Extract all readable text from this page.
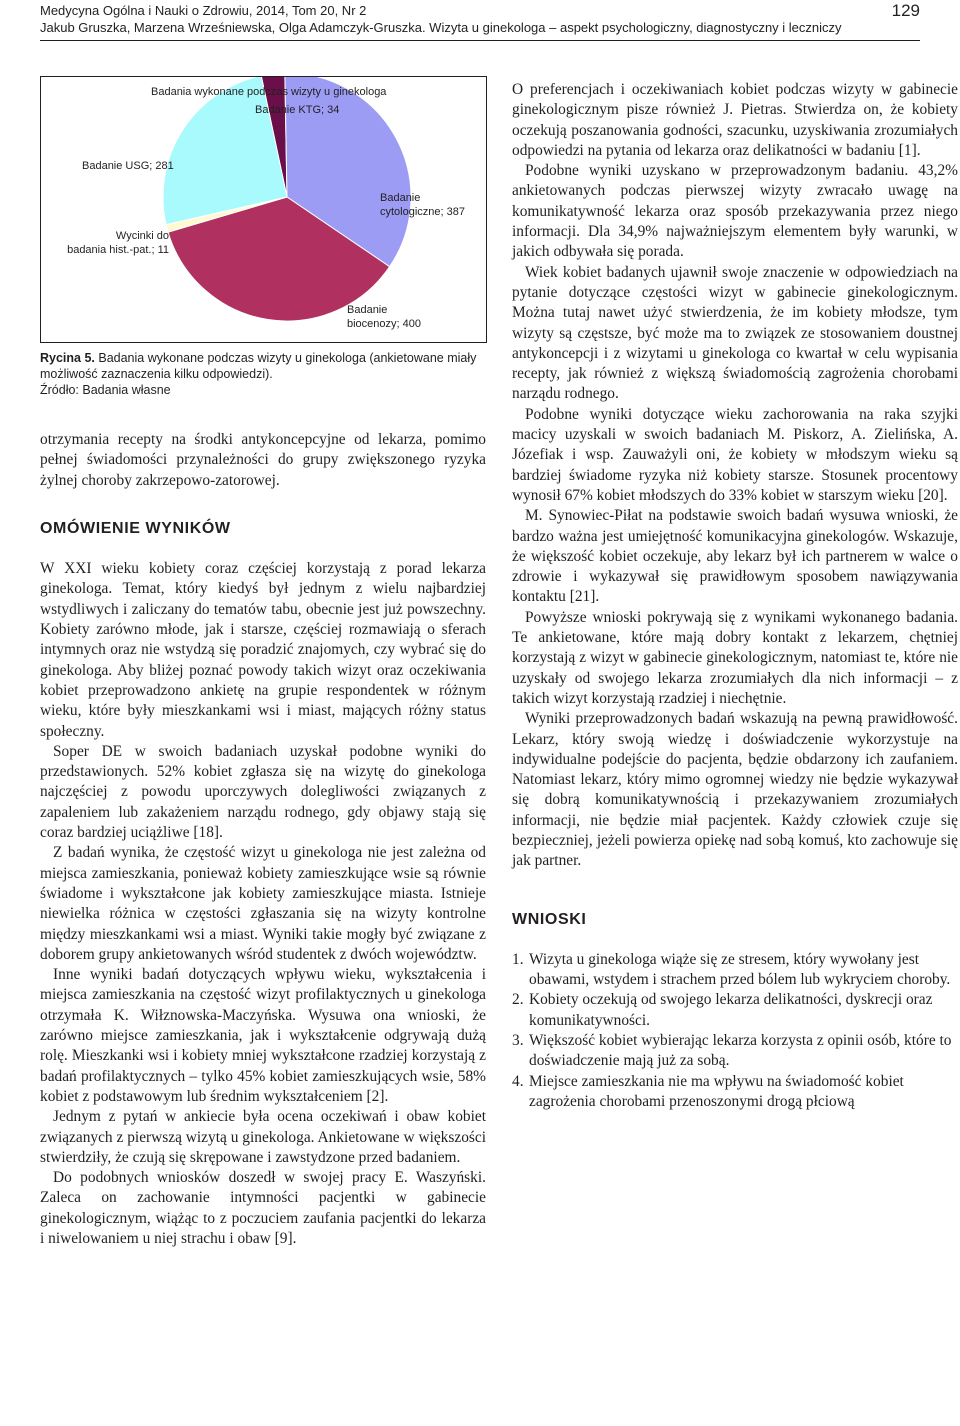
Medycyna Ogólna i Nauki o Zdrowiu, 2014, Tom 20, Nr 2
Jakub Gruszka, Marzena Wrześniewska, Olga Adamczyk-Gruszka. Wizyta u ginekologa – aspekt psychologiczny, diagnostyczny i leczniczy
129
Badania wykonane podczas wizyty u ginekologa
Badanie KTG; 34
Badanie
cytologiczne; 387
Badanie
biocenozy; 400
Wycinki do
badania hist.-pat.; 11
Badanie USG; 281

Rycina 5. Badania wykonane podczas wizyty u ginekologa (ankietowane miały możliwość zaznaczenia kilku odpowiedzi).

Źródło: Badania własne

otrzymania recepty na środki antykoncepcyjne od lekarza, pomimo pełnej świadomości przynależności do grupy zwiększonego ryzyka żylnej choroby zakrzepowo-zatorowej.

OMÓWIENIE WYNIKÓW

W XXI wieku kobiety coraz częściej korzystają z porad lekarza ginekologa. Temat, który kiedyś był jednym z wielu najbardziej wstydliwych i zaliczany do tematów tabu, obecnie jest już powszechny. Kobiety zarówno młode, jak i starsze, częściej rozmawiają o sferach intymnych oraz nie wstydzą się poradzić znajomych, czy wybrać się do ginekologa. Aby bliżej poznać powody takich wizyt oraz oczekiwania kobiet przeprowadzono ankietę na grupie respondentek w różnym wieku, które były mieszkankami wsi i miast, mających różny status społeczny.

Soper DE w swoich badaniach uzyskał podobne wyniki do przedstawionych. 52% kobiet zgłasza się na wizytę do ginekologa najczęściej z powodu uporczywych dolegliwości związanych z zapaleniem lub zakażeniem narządu rodnego, gdy objawy stają się coraz bardziej uciążliwe [18].

Z badań wynika, że częstość wizyt u ginekologa nie jest zależna od miejsca zamieszkania, ponieważ kobiety zamieszkujące wsie są równie świadome i wykształcone jak kobiety zamieszkujące miasta. Istnieje niewielka różnica w częstości zgłaszania się na wizyty kontrolne między mieszkankami wsi a miast. Wyniki takie mogły być związane z doborem grupy ankietowanych wśród studentek z dwóch województw.

Inne wyniki badań dotyczących wpływu wieku, wykształcenia i miejsca zamieszkania na częstość wizyt profilaktycznych u ginekologa otrzymała K. Wiłznowska-Maczyńska. Wysuwa ona wnioski, że zarówno miejsce zamieszkania, jak i wykształcenie odgrywają dużą rolę. Mieszkanki wsi i kobiety mniej wykształcone rzadziej korzystają z badań profilaktycznych – tylko 45% kobiet zamieszkujących wsie, 58% kobiet z podstawowym lub średnim wykształceniem [2].

Jednym z pytań w ankiecie była ocena oczekiwań i obaw kobiet związanych z pierwszą wizytą u ginekologa. Ankietowane w większości stwierdziły, że czują się skrępowane i zawstydzone przed badaniem.

Do podobnych wniosków doszedł w swojej pracy E. Waszyński. Zaleca on zachowanie intymności pacjentki w gabinecie ginekologicznym, wiążąc to z poczuciem zaufania pacjentki do lekarza i niwelowaniem u niej strachu i obaw [9].

O preferencjach i oczekiwaniach kobiet podczas wizyty w gabinecie ginekologicznym pisze również J. Pietras. Stwierdza on, że kobiety oczekują poszanowania godności, szacunku, uzyskiwania zrozumiałych odpowiedzi na pytania od lekarza oraz delikatności w badaniu [1].

Podobne wyniki uzyskano w przeprowadzonym badaniu. 43,2% ankietowanych podczas pierwszej wizyty zwracało uwagę na komunikatywność lekarza oraz sposób przekazywania przez niego informacji. Dla 34,9% najważniejszym elementem były warunki, w jakich odbywała się porada.

Wiek kobiet badanych ujawnił swoje znaczenie w odpowiedziach na pytanie dotyczące częstości wizyt w gabinecie ginekologicznym. Można tutaj nawet użyć stwierdzenia, że im kobiety młodsze, tym wizyty są częstsze, być może ma to związek ze stosowaniem doustnej antykoncepcji i z wizytami u ginekologa co kwartał w celu wypisania recepty, jak również z większą świadomością zagrożenia chorobami narządu rodnego.

Podobne wyniki dotyczące wieku zachorowania na raka szyjki macicy uzyskali w swoich badaniach M. Piskorz, A. Zielińska, A. Józefiak i wsp. Zauważyli oni, że kobiety w młodszym wieku są bardziej świadome ryzyka niż kobiety starsze. Stosunek procentowy wynosił 67% kobiet młodszych do 33% kobiet w starszym wieku [20].

M. Synowiec-Piłat na podstawie swoich badań wysuwa wnioski, że bardzo ważna jest umiejętność komunikacyjna ginekologów. Wskazuje, że większość kobiet oczekuje, aby lekarz był ich partnerem w walce o zdrowie i wykazywał się prawidłowym sposobem nawiązywania kontaktu [21].

Powyższe wnioski pokrywają się z wynikami wykonanego badania. Te ankietowane, które mają dobry kontakt z lekarzem, chętniej korzystają z wizyt w gabinecie ginekologicznym, natomiast te, które nie uzyskały od swojego lekarza zrozumiałych dla nich informacji – z takich wizyt korzystają rzadziej i niechętnie.

Wyniki przeprowadzonych badań wskazują na pewną prawidłowość. Lekarz, który swoją wiedzę i doświadczenie wykorzystuje na indywidualne podejście do pacjenta, będzie obdarzony ich zaufaniem. Natomiast lekarz, który mimo ogromnej wiedzy nie będzie wykazywał się dobrą komunikatywnością i przekazywaniem zrozumiałych informacji, nie będzie miał pacjentek. Każdy człowiek czuje się bezpieczniej, jeżeli powierza opiekę nad sobą komuś, kto zachowuje się jak partner.

WNIOSKI
1. Wizyta u ginekologa wiąże się ze stresem, który wywołany jest obawami, wstydem i strachem przed bólem lub wykryciem choroby.
2. Kobiety oczekują od swojego lekarza delikatności, dyskrecji oraz komunikatywności.
3. Większość kobiet wybierając lekarza korzysta z opinii osób, które to doświadczenie mają już za sobą.
4. Miejsce zamieszkania nie ma wpływu na świadomość kobiet zagrożenia chorobami przenoszonymi drogą płciową
